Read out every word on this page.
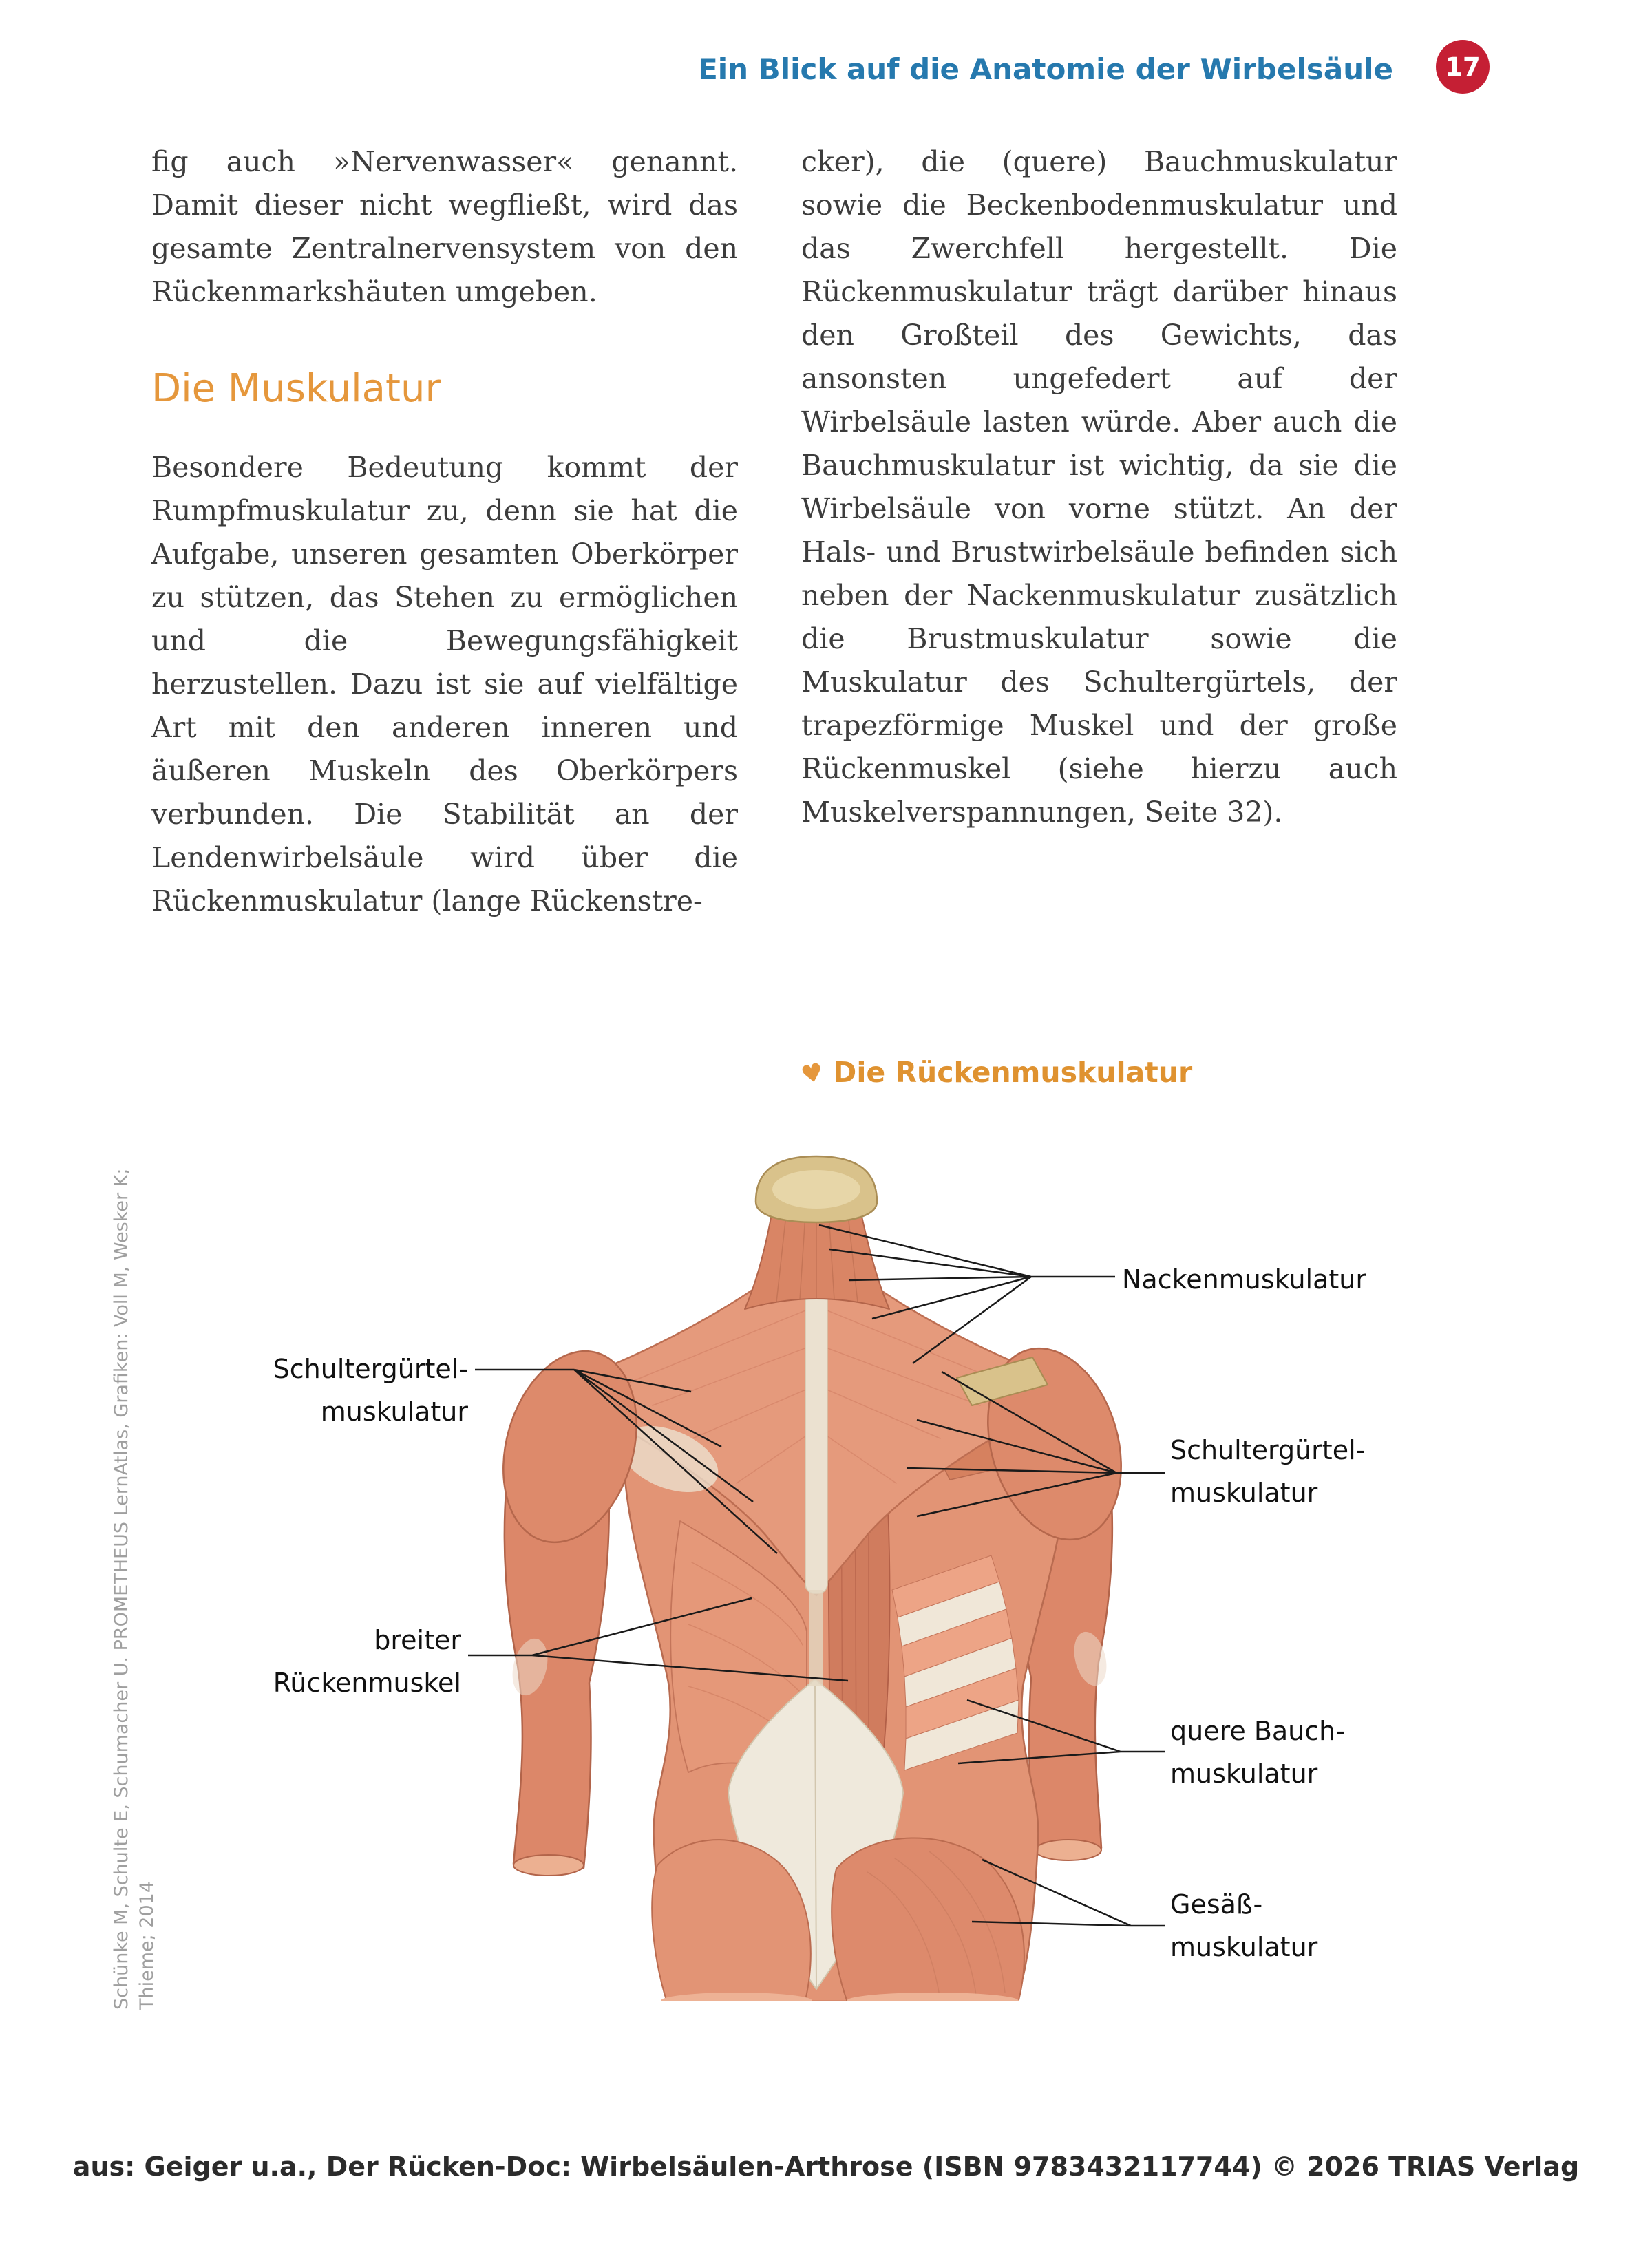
Ein Blick auf die Anatomie der Wirbelsäule 17

fig auch »Nervenwasser« genannt. Damit dieser nicht wegfließt, wird das gesamte Zentralnervensystem von den Rückenmarkshäuten umgeben.

Die Muskulatur

Besondere Bedeutung kommt der Rumpfmuskulatur zu, denn sie hat die Aufgabe, unseren gesamten Oberkörper zu stützen, das Stehen zu ermöglichen und die Bewegungsfähigkeit herzustellen. Dazu ist sie auf vielfältige Art mit den anderen inneren und äußeren Muskeln des Oberkörpers verbunden. Die Stabilität an der Lendenwirbelsäule wird über die Rückenmuskulatur (lange Rückenstre-

cker), die (quere) Bauchmuskulatur sowie die Beckenbodenmuskulatur und das Zwerchfell hergestellt. Die Rückenmuskulatur trägt darüber hinaus den Großteil des Gewichts, das ansonsten ungefedert auf der Wirbelsäule lasten würde. Aber auch die Bauchmuskulatur ist wichtig, da sie die Wirbelsäule von vorne stützt. An der Hals- und Brustwirbelsäule befinden sich neben der Nackenmuskulatur zusätzlich die Brustmuskulatur sowie die Muskulatur des Schultergürtels, der trapezförmige Muskel und der große Rückenmuskel (siehe hierzu auch Muskelverspannungen, Seite 32).

♥ Die Rückenmuskulatur
Nackenmuskulatur
Schultergürtel-
muskulatur
Schultergürtel-
muskulatur
breiter
Rückenmuskel
quere Bauch-
muskulatur
Gesäß-
muskulatur
Schünke M, Schulte E, Schumacher U. PROMETHEUS LernAtlas, Grafiken: Voll M, Wesker K; Thieme; 2014
aus: Geiger u.a., Der Rücken-Doc: Wirbelsäulen-Arthrose (ISBN 9783432117744) © 2026 TRIAS Verlag
